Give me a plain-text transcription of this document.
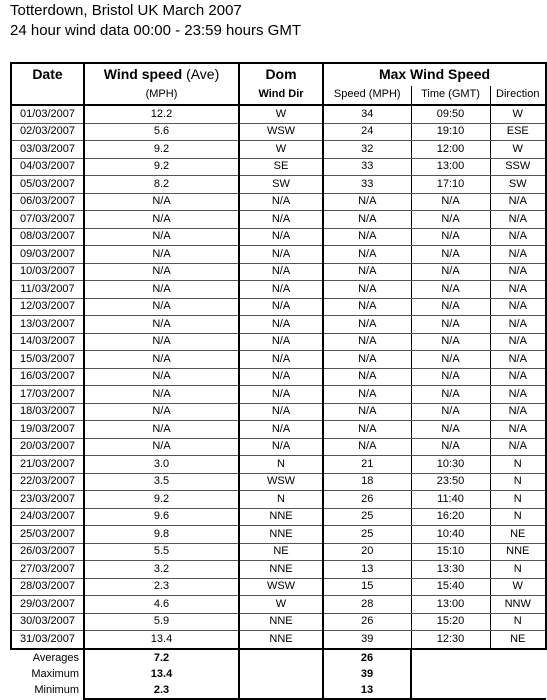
Totterdown, Bristol UK March 2007
24 hour wind data 00:00 - 23:59 hours GMT
Date	Wind speed (Ave)	Dom	Max Wind Speed		
	(MPH)	Wind Dir	Speed (MPH)	Time (GMT)	Direction
01/03/2007	12.2	W	34	09:50	W
02/03/2007	5.6	WSW	24	19:10	ESE
03/03/2007	9.2	W	32	12:00	W
04/03/2007	9.2	SE	33	13:00	SSW
05/03/2007	8.2	SW	33	17:10	SW
06/03/2007	N/A	N/A	N/A	N/A	N/A
07/03/2007	N/A	N/A	N/A	N/A	N/A
08/03/2007	N/A	N/A	N/A	N/A	N/A
09/03/2007	N/A	N/A	N/A	N/A	N/A
10/03/2007	N/A	N/A	N/A	N/A	N/A
11/03/2007	N/A	N/A	N/A	N/A	N/A
12/03/2007	N/A	N/A	N/A	N/A	N/A
13/03/2007	N/A	N/A	N/A	N/A	N/A
14/03/2007	N/A	N/A	N/A	N/A	N/A
15/03/2007	N/A	N/A	N/A	N/A	N/A
16/03/2007	N/A	N/A	N/A	N/A	N/A
17/03/2007	N/A	N/A	N/A	N/A	N/A
18/03/2007	N/A	N/A	N/A	N/A	N/A
19/03/2007	N/A	N/A	N/A	N/A	N/A
20/03/2007	N/A	N/A	N/A	N/A	N/A
21/03/2007	3.0	N	21	10:30	N
22/03/2007	3.5	WSW	18	23:50	N
23/03/2007	9.2	N	26	11:40	N
24/03/2007	9.6	NNE	25	16:20	N
25/03/2007	9.8	NNE	25	10:40	NE
26/03/2007	5.5	NE	20	15:10	NNE
27/03/2007	3.2	NNE	13	13:30	N
28/03/2007	2.3	WSW	15	15:40	W
29/03/2007	4.6	W	28	13:00	NNW
30/03/2007	5.9	NNE	26	15:20	N
31/03/2007	13.4	NNE	39	12:30	NE
Averages	7.2		26		
Maximum	13.4		39		
Minimum	2.3		13		
